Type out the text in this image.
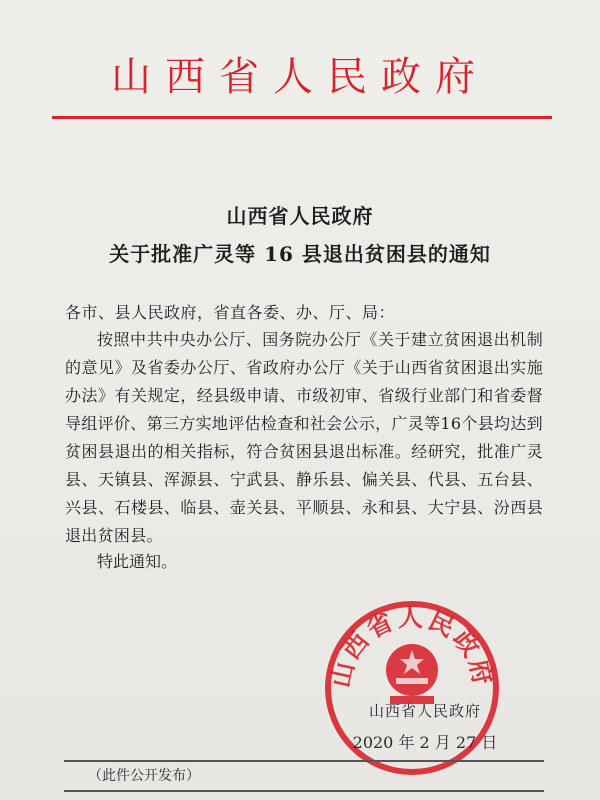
山西省人民政府
山西省人民政府
关于批准广灵等 16 县退出贫困县的通知
各市、县人民政府，省直各委、办、厅、局：
按照中共中央办公厅、国务院办公厅《关于建立贫困退出机制的意见》及省委办公厅、省政府办公厅《关于山西省贫困退出实施办法》有关规定，经县级申请、市级初审、省级行业部门和省委督导组评价、第三方实地评估检查和社会公示，广灵等16个县均达到贫困县退出的相关指标，符合贫困县退出标准。经研究，批准广灵县、天镇县、浑源县、宁武县、静乐县、偏关县、代县、五台县、兴县、石楼县、临县、壶关县、平顺县、永和县、大宁县、汾西县退出贫困县。
特此通知。
山西省人民政府
山西省人民政府
2020 年 2 月 27 日
（此件公开发布）
